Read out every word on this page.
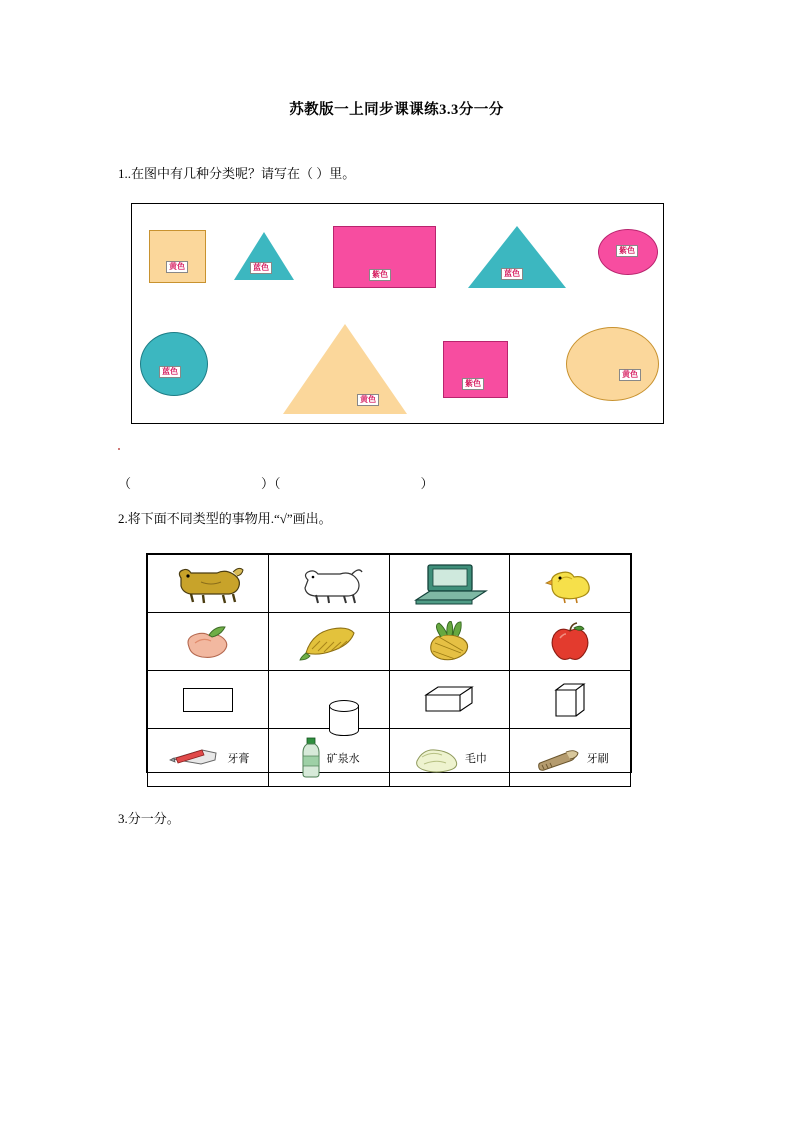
苏教版一上同步课课练3.3分一分
1..在图中有几种分类呢？请写在（ ）里。
黄色	蓝色
紫色	蓝色
紫色
蓝色
黄色
紫色
黄色
（	）（	）
2.将下面不同类型的事物用.“√”画出。

牙膏	矿泉水	毛巾	牙刷
3.分一分。
